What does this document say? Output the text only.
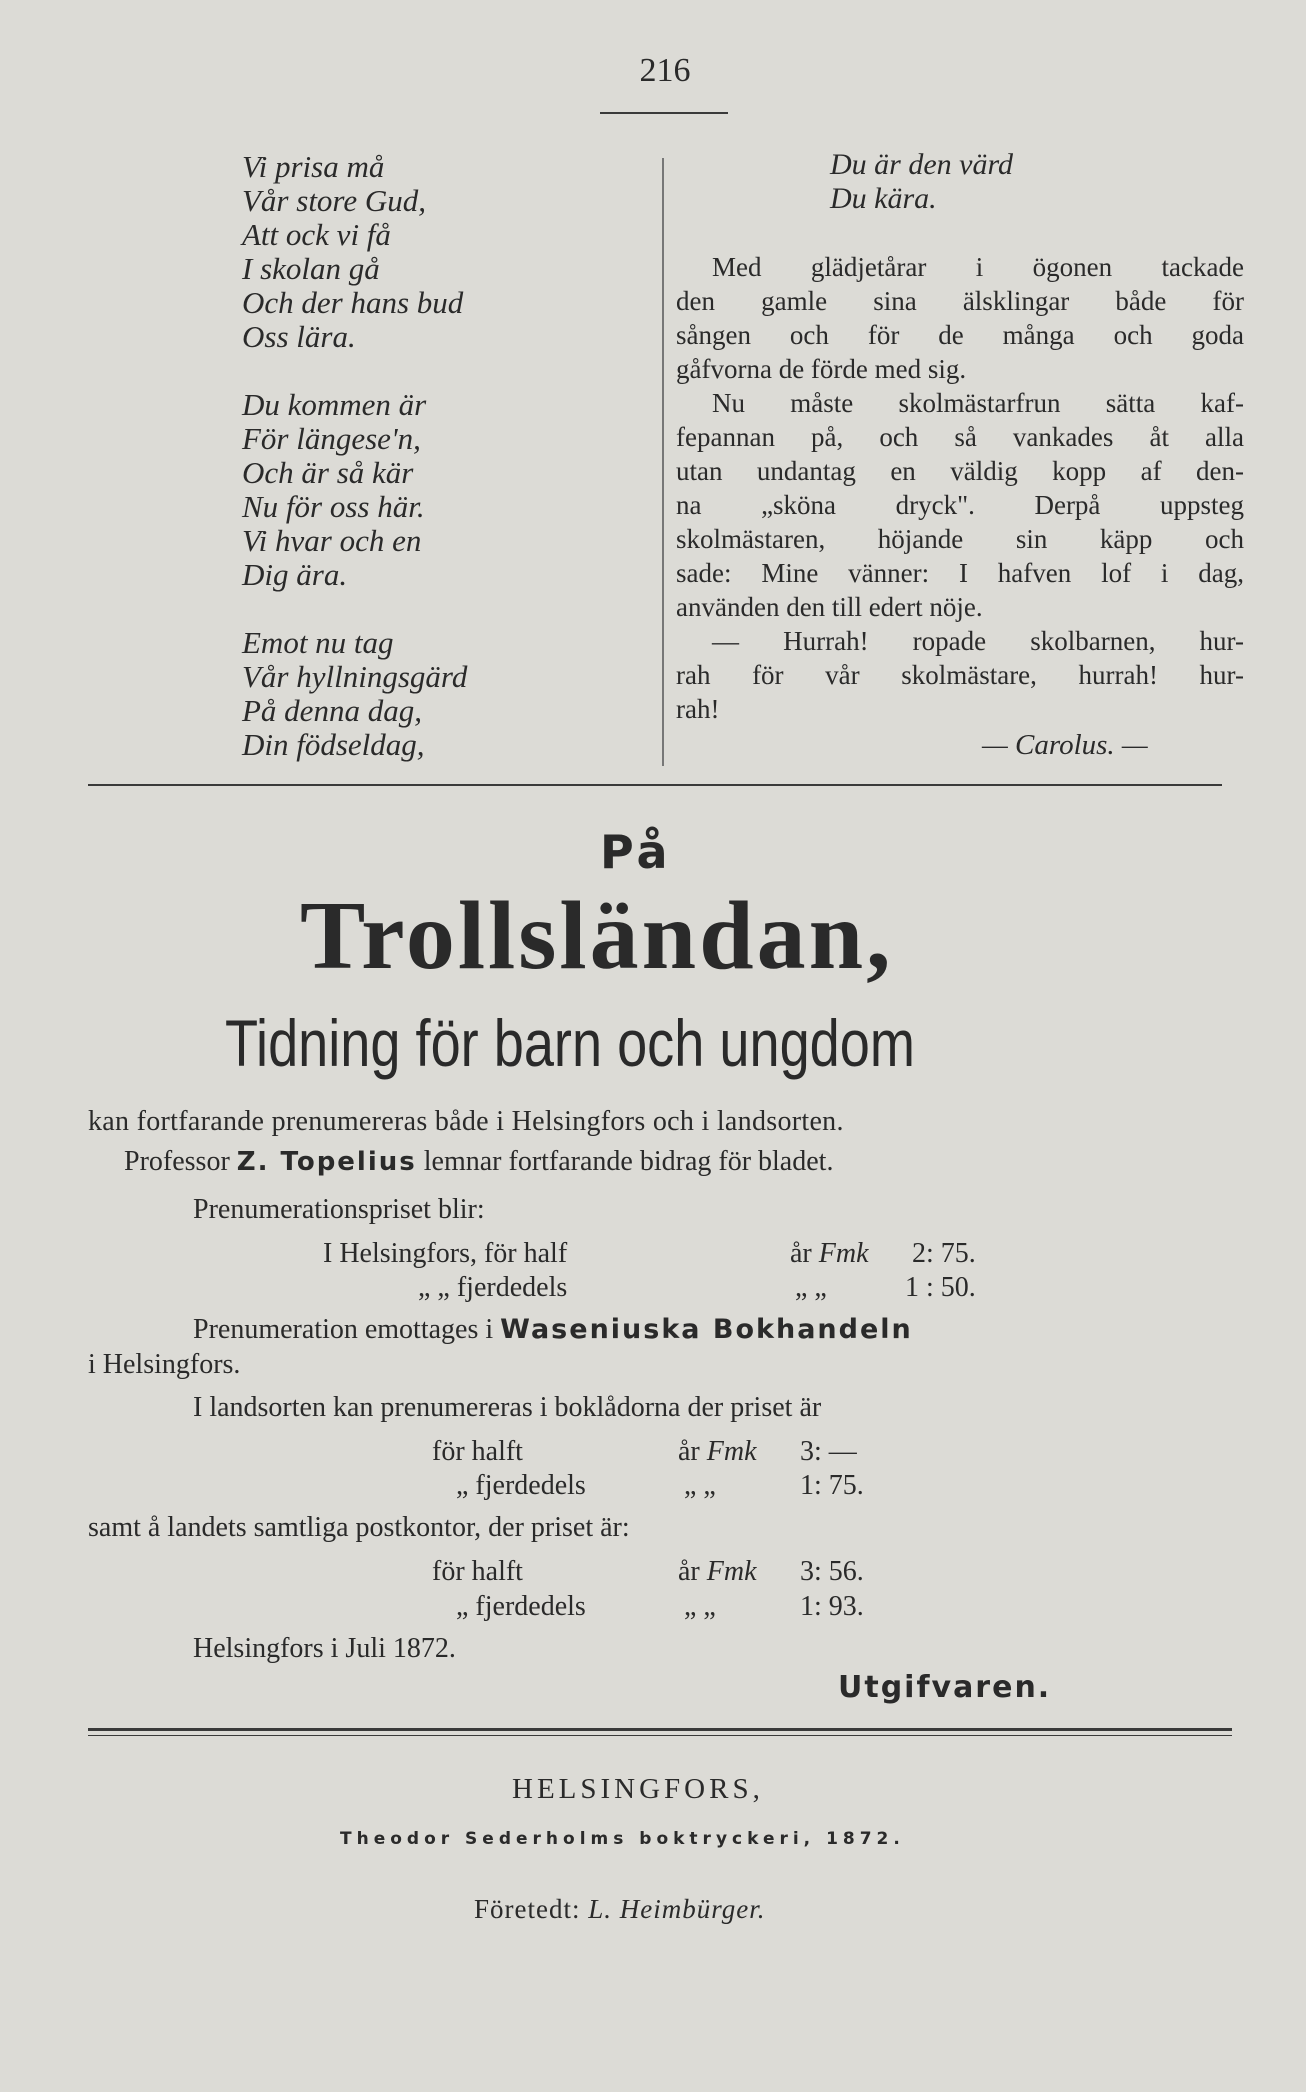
216
Vi prisa må
Vår store Gud,
Att ock vi få
I skolan gå
Och der hans bud
Oss lära.
Du kommen är
För längese'n,
Och är så kär
Nu för oss här.
Vi hvar och en
Dig ära.
Emot nu tag
Vår hyllningsgärd
På denna dag,
Din födseldag,
Du är den värd
Du kära.
Med glädjetårar i ögonen tackade
den gamle sina älsklingar både för
sången och för de många och goda
gåfvorna de förde med sig.
Nu måste skolmästarfrun sätta kaf-
fepannan på, och så vankades åt alla
utan undantag en väldig kopp af den-
na „sköna dryck". Derpå uppsteg
skolmästaren, höjande sin käpp och
sade: Mine vänner: I hafven lof i dag,
använden den till edert nöje.
— Hurrah! ropade skolbarnen, hur-
rah för vår skolmästare, hurrah! hur-
rah!
— Carolus. —
På
Trollsländan,
Tidning för barn och ungdom
kan fortfarande prenumereras både i Helsingfors och i landsorten.
Professor Z. Topelius lemnar fortfarande bidrag för bladet.
Prenumerationspriset blir:
I Helsingfors, för half	år Fmk 2: 75.
„ „ fjerdedels	„ „	1 : 50.
Prenumeration emottages i Waseniuska Bokhandeln
i Helsingfors.
I landsorten kan prenumereras i boklådorna der priset är
för halft	år Fmk 3: —
„ fjerdedels	„ „	1: 75.
samt å landets samtliga postkontor, der priset är:
för halft	år Fmk 3: 56.
„ fjerdedels	„ „	1: 93.
Helsingfors i Juli 1872.
Utgifvaren.
HELSINGFORS,
Theodor Sederholms boktryckeri, 1872.
Företedt: L. Heimbürger.
